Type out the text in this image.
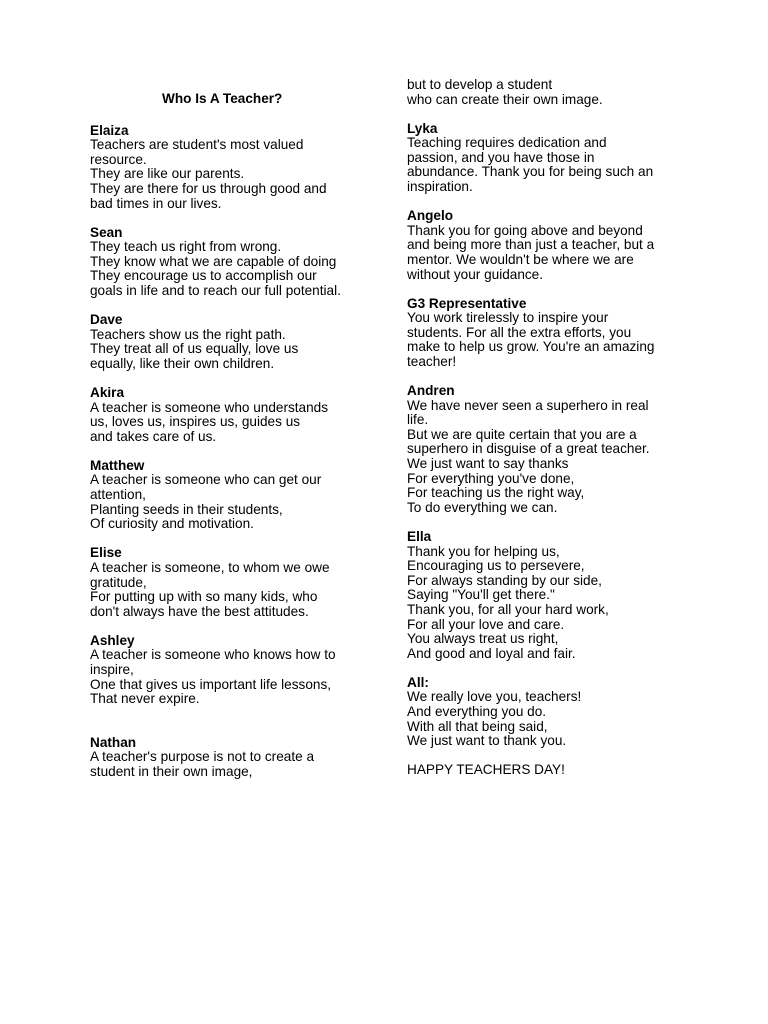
Who Is A Teacher?
Elaiza
Teachers are student's most valued
resource.
They are like our parents.
They are there for us through good and
bad times in our lives.
Sean
They teach us right from wrong.
They know what we are capable of doing
They encourage us to accomplish our
goals in life and to reach our full potential.
Dave
Teachers show us the right path.
They treat all of us equally, love us
equally, like their own children.
Akira
A teacher is someone who understands
us, loves us, inspires us, guides us
and takes care of us.
Matthew
A teacher is someone who can get our
attention,
Planting seeds in their students,
Of curiosity and motivation.
Elise
A teacher is someone, to whom we owe
gratitude,
For putting up with so many kids, who
don't always have the best attitudes.
Ashley
A teacher is someone who knows how to
inspire,
One that gives us important life lessons,
That never expire.
Nathan
A teacher's purpose is not to create a
student in their own image,
but to develop a student
who can create their own image.
Lyka
Teaching requires dedication and
passion, and you have those in
abundance. Thank you for being such an
inspiration.
Angelo
Thank you for going above and beyond
and being more than just a teacher, but a
mentor. We wouldn't be where we are
without your guidance.
G3 Representative
You work tirelessly to inspire your
students. For all the extra efforts, you
make to help us grow. You're an amazing
teacher!
Andren
We have never seen a superhero in real
life.
But we are quite certain that you are a
superhero in disguise of a great teacher.
We just want to say thanks
For everything you've done,
For teaching us the right way,
To do everything we can.
Ella
Thank you for helping us,
Encouraging us to persevere,
For always standing by our side,
Saying "You'll get there."
Thank you, for all your hard work,
For all your love and care.
You always treat us right,
And good and loyal and fair.
All:
We really love you, teachers!
And everything you do.
With all that being said,
We just want to thank you.
HAPPY TEACHERS DAY!
